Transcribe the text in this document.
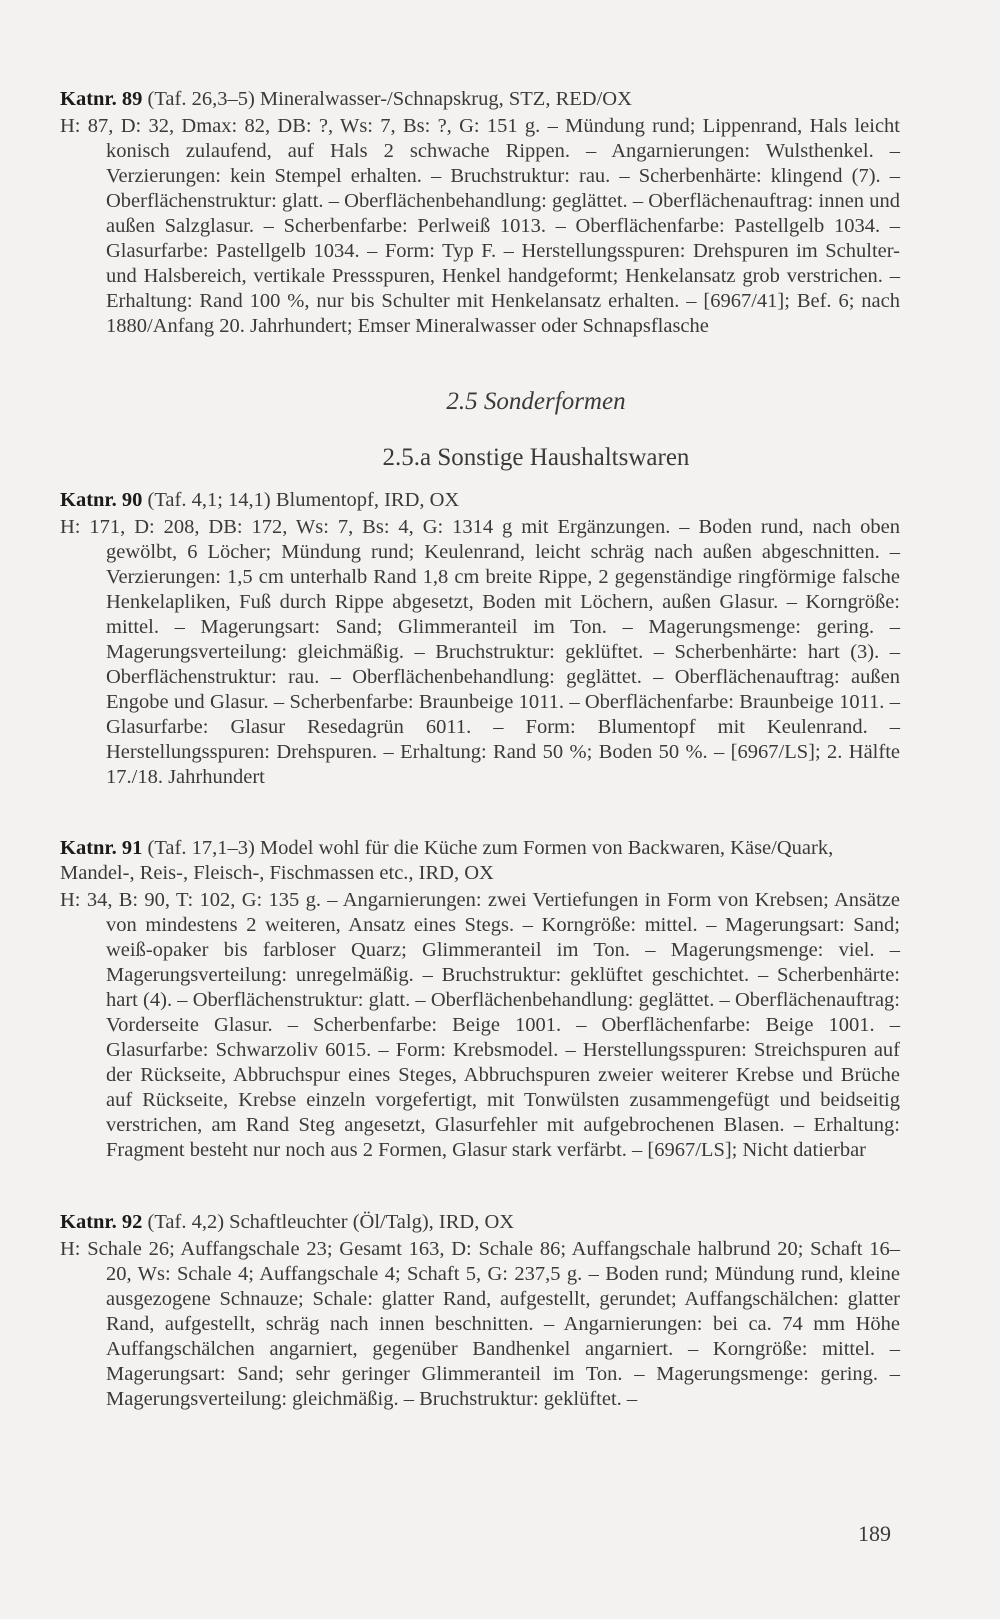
Katnr. 89 (Taf. 26,3–5) Mineralwasser-/Schnapskrug, STZ, RED/OX
H: 87, D: 32, Dmax: 82, DB: ?, Ws: 7, Bs: ?, G: 151 g. – Mündung rund; Lippenrand, Hals leicht konisch zulaufend, auf Hals 2 schwache Rippen. – Angarnierungen: Wulsthenkel. – Verzierungen: kein Stempel erhalten. – Bruchstruktur: rau. – Scherbenhärte: klingend (7). – Oberflächenstruktur: glatt. – Oberflächenbehandlung: geglättet. – Oberflächenauftrag: innen und außen Salzglasur. – Scherbenfarbe: Perlweiß 1013. – Oberflächenfarbe: Pastellgelb 1034. – Glasurfarbe: Pastellgelb 1034. – Form: Typ F. – Herstellungsspuren: Drehspuren im Schulter- und Halsbereich, vertikale Pressspuren, Henkel handgeformt; Henkelansatz grob verstrichen. – Erhaltung: Rand 100 %, nur bis Schulter mit Henkelansatz erhalten. – [6967/41]; Bef. 6; nach 1880/Anfang 20. Jahrhundert; Emser Mineralwasser oder Schnapsflasche
2.5 Sonderformen
2.5.a Sonstige Haushaltswaren
Katnr. 90 (Taf. 4,1; 14,1) Blumentopf, IRD, OX
H: 171, D: 208, DB: 172, Ws: 7, Bs: 4, G: 1314 g mit Ergänzungen. – Boden rund, nach oben gewölbt, 6 Löcher; Mündung rund; Keulenrand, leicht schräg nach außen abgeschnitten. – Verzierungen: 1,5 cm unterhalb Rand 1,8 cm breite Rippe, 2 gegenständige ringförmige falsche Henkelapliken, Fuß durch Rippe abgesetzt, Boden mit Löchern, außen Glasur. – Korngröße: mittel. – Magerungsart: Sand; Glimmeranteil im Ton. – Magerungsmenge: gering. – Magerungsverteilung: gleichmäßig. – Bruchstruktur: geklüftet. – Scherbenhärte: hart (3). – Oberflächenstruktur: rau. – Oberflächenbehandlung: geglättet. – Oberflächenauftrag: außen Engobe und Glasur. – Scherbenfarbe: Braunbeige 1011. – Oberflächenfarbe: Braunbeige 1011. – Glasurfarbe: Glasur Resedagrün 6011. – Form: Blumentopf mit Keulenrand. – Herstellungsspuren: Drehspuren. – Erhaltung: Rand 50 %; Boden 50 %. – [6967/LS]; 2. Hälfte 17./18. Jahrhundert
Katnr. 91 (Taf. 17,1–3) Model wohl für die Küche zum Formen von Backwaren, Käse/Quark, Mandel-, Reis-, Fleisch-, Fischmassen etc., IRD, OX
H: 34, B: 90, T: 102, G: 135 g. – Angarnierungen: zwei Vertiefungen in Form von Krebsen; Ansätze von mindestens 2 weiteren, Ansatz eines Stegs. – Korngröße: mittel. – Magerungsart: Sand; weiß-opaker bis farbloser Quarz; Glimmeranteil im Ton. – Magerungsmenge: viel. – Magerungsverteilung: unregelmäßig. – Bruchstruktur: geklüftet geschichtet. – Scherbenhärte: hart (4). – Oberflächenstruktur: glatt. – Oberflächenbehandlung: geglättet. – Oberflächenauftrag: Vorderseite Glasur. – Scherbenfarbe: Beige 1001. – Oberflächenfarbe: Beige 1001. – Glasurfarbe: Schwarzoliv 6015. – Form: Krebsmodel. – Herstellungsspuren: Streichspuren auf der Rückseite, Abbruchspur eines Steges, Abbruchspuren zweier weiterer Krebse und Brüche auf Rückseite, Krebse einzeln vorgefertigt, mit Tonwülsten zusammengefügt und beidseitig verstrichen, am Rand Steg angesetzt, Glasurfehler mit aufgebrochenen Blasen. – Erhaltung: Fragment besteht nur noch aus 2 Formen, Glasur stark verfärbt. – [6967/LS]; Nicht datierbar
Katnr. 92 (Taf. 4,2) Schaftleuchter (Öl/Talg), IRD, OX
H: Schale 26; Auffangschale 23; Gesamt 163, D: Schale 86; Auffangschale halbrund 20; Schaft 16–20, Ws: Schale 4; Auffangschale 4; Schaft 5, G: 237,5 g. – Boden rund; Mündung rund, kleine ausgezogene Schnauze; Schale: glatter Rand, aufgestellt, gerundet; Auffangschälchen: glatter Rand, aufgestellt, schräg nach innen beschnitten. – Angarnierungen: bei ca. 74 mm Höhe Auffangschälchen angarniert, gegenüber Bandhenkel angarniert. – Korngröße: mittel. – Magerungsart: Sand; sehr geringer Glimmeranteil im Ton. – Magerungsmenge: gering. – Magerungsverteilung: gleichmäßig. – Bruchstruktur: geklüftet. –
189
